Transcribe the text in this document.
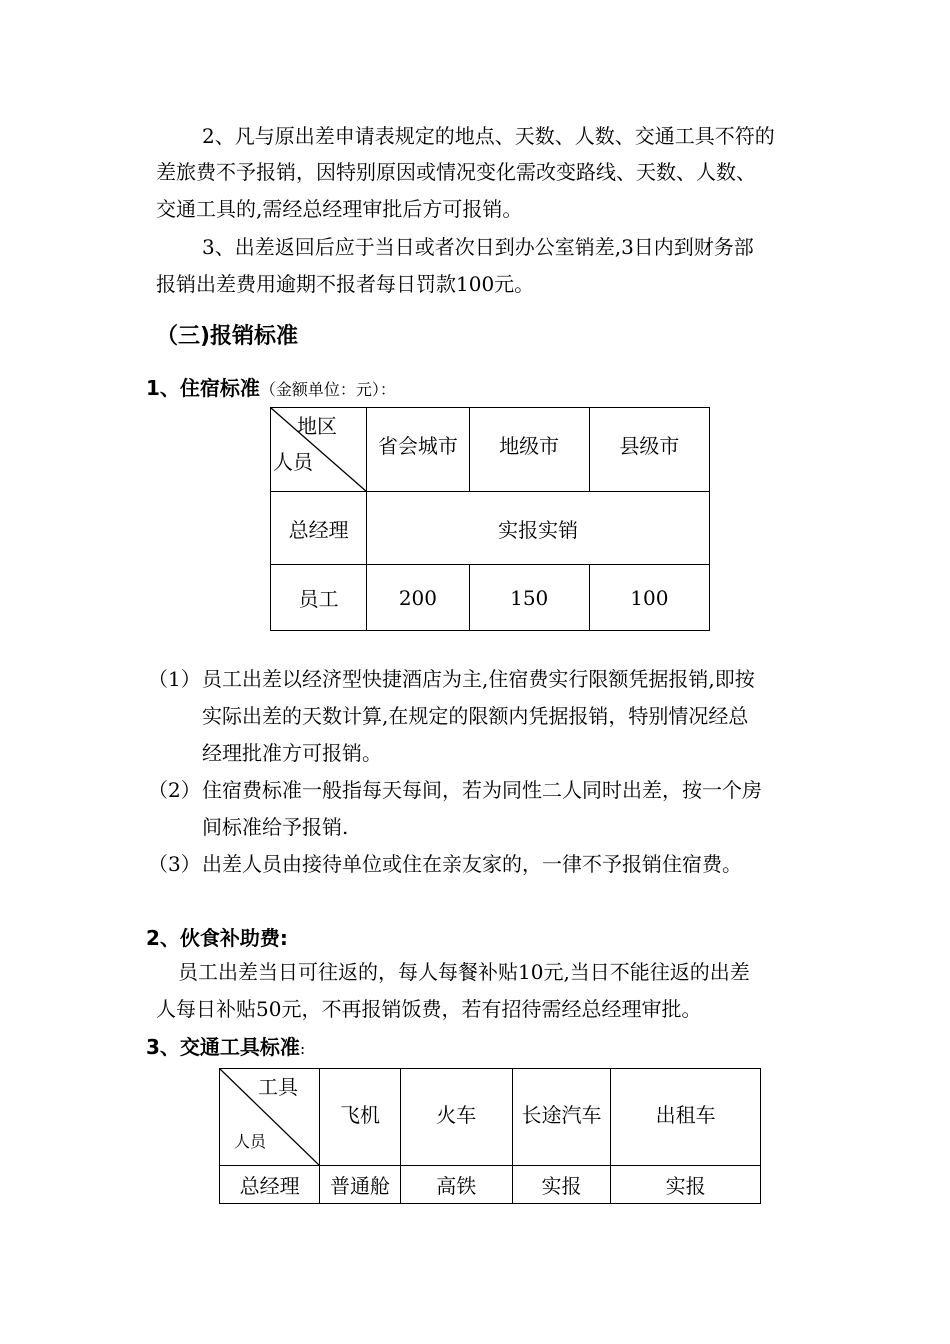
2、凡与原出差申请表规定的地点、天数、人数、交通工具不符的
差旅费不予报销，因特别原因或情况变化需改变路线、天数、人数、
交通工具的,需经总经理审批后方可报销。
3、出差返回后应于当日或者次日到办公室销差,3日内到财务部
报销出差费用逾期不报者每日罚款100元。
（三)报销标准
1、住宿标准（金额单位：元）：
地区
人员	省会城市	地级市	县级市
总经理	实报实销		
员工	200	150	100
（1） 员工出差以经济型快捷酒店为主,住宿费实行限额凭据报销,即按
实际出差的天数计算,在规定的限额内凭据报销，特别情况经总
经理批准方可报销。
（2） 住宿费标准一般指每天每间，若为同性二人同时出差，按一个房
间标准给予报销.
（3） 出差人员由接待单位或住在亲友家的，一律不予报销住宿费。
2、伙食补助费:
员工出差当日可往返的，每人每餐补贴10元,当日不能往返的出差
人每日补贴50元，不再报销饭费，若有招待需经总经理审批。
3、交通工具标准:
工具
人员	飞机	火车	长途汽车	出租车
总经理	普通舱	高铁	实报	实报
